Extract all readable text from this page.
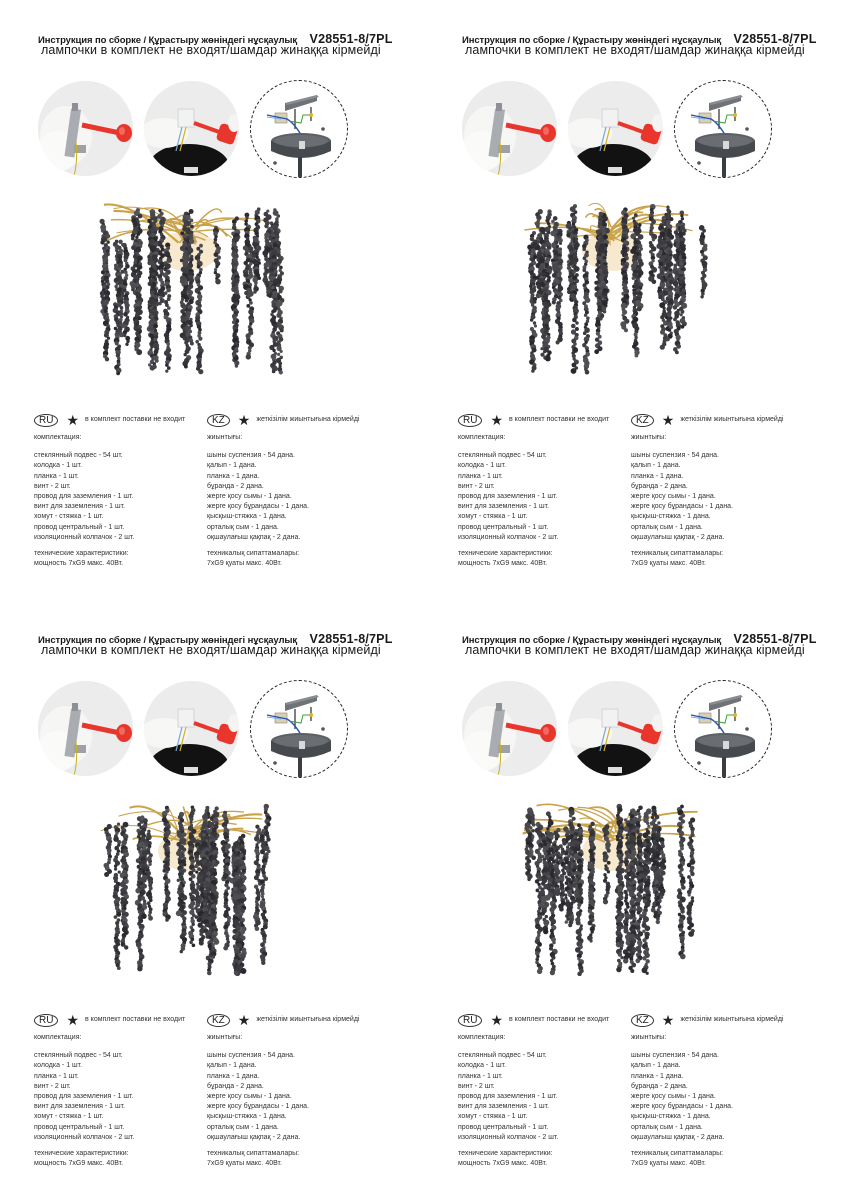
Инструкция по сборке / Құрастыру жөніндегі нұсқаулық V28551-8/7PL
лампочки в комплект не входят/шамдар жинаққа кірмейді
RU ★ в комплект поставки не входит
комплектация:
стеклянный подвес - 54 шт.
колодка - 1 шт.
планка - 1 шт.
винт - 2 шт.
провод для заземления - 1 шт.
винт для заземления - 1 шт.
хомут - стяжка - 1 шт.
провод центральный - 1 шт.
изоляционный колпачок - 2 шт.
технические характеристики:
мощность 7xG9 макс. 40Вт.
KZ ★ жеткізілім жиынтығына кірмейді
жиынтығы:
шыны суспензия - 54 дана.
қалып - 1 дана.
планка - 1 дана.
бұранда - 2 дана.
жерге қосу сымы - 1 дана.
жерге қосу бұрандасы - 1 дана.
қысқыш-стяжка - 1 дана.
орталық сым - 1 дана.
оқшаулағыш қақпақ - 2 дана.
техникалық сипаттамалары:
7xG9 қуаты макс. 40Вт.
Инструкция по сборке / Құрастыру жөніндегі нұсқаулық V28551-8/7PL
лампочки в комплект не входят/шамдар жинаққа кірмейді
RU ★ в комплект поставки не входит
комплектация:
стеклянный подвес - 54 шт.
колодка - 1 шт.
планка - 1 шт.
винт - 2 шт.
провод для заземления - 1 шт.
винт для заземления - 1 шт.
хомут - стяжка - 1 шт.
провод центральный - 1 шт.
изоляционный колпачок - 2 шт.
технические характеристики:
мощность 7xG9 макс. 40Вт.
KZ ★ жеткізілім жиынтығына кірмейді
жиынтығы:
шыны суспензия - 54 дана.
қалып - 1 дана.
планка - 1 дана.
бұранда - 2 дана.
жерге қосу сымы - 1 дана.
жерге қосу бұрандасы - 1 дана.
қысқыш-стяжка - 1 дана.
орталық сым - 1 дана.
оқшаулағыш қақпақ - 2 дана.
техникалық сипаттамалары:
7xG9 қуаты макс. 40Вт.
Инструкция по сборке / Құрастыру жөніндегі нұсқаулық V28551-8/7PL
лампочки в комплект не входят/шамдар жинаққа кірмейді
RU ★ в комплект поставки не входит
комплектация:
стеклянный подвес - 54 шт.
колодка - 1 шт.
планка - 1 шт.
винт - 2 шт.
провод для заземления - 1 шт.
винт для заземления - 1 шт.
хомут - стяжка - 1 шт.
провод центральный - 1 шт.
изоляционный колпачок - 2 шт.
технические характеристики:
мощность 7xG9 макс. 40Вт.
KZ ★ жеткізілім жиынтығына кірмейді
жиынтығы:
шыны суспензия - 54 дана.
қалып - 1 дана.
планка - 1 дана.
бұранда - 2 дана.
жерге қосу сымы - 1 дана.
жерге қосу бұрандасы - 1 дана.
қысқыш-стяжка - 1 дана.
орталық сым - 1 дана.
оқшаулағыш қақпақ - 2 дана.
техникалық сипаттамалары:
7xG9 қуаты макс. 40Вт.
Инструкция по сборке / Құрастыру жөніндегі нұсқаулық V28551-8/7PL
лампочки в комплект не входят/шамдар жинаққа кірмейді
RU ★ в комплект поставки не входит
комплектация:
стеклянный подвес - 54 шт.
колодка - 1 шт.
планка - 1 шт.
винт - 2 шт.
провод для заземления - 1 шт.
винт для заземления - 1 шт.
хомут - стяжка - 1 шт.
провод центральный - 1 шт.
изоляционный колпачок - 2 шт.
технические характеристики:
мощность 7xG9 макс. 40Вт.
KZ ★ жеткізілім жиынтығына кірмейді
жиынтығы:
шыны суспензия - 54 дана.
қалып - 1 дана.
планка - 1 дана.
бұранда - 2 дана.
жерге қосу сымы - 1 дана.
жерге қосу бұрандасы - 1 дана.
қысқыш-стяжка - 1 дана.
орталық сым - 1 дана.
оқшаулағыш қақпақ - 2 дана.
техникалық сипаттамалары:
7xG9 қуаты макс. 40Вт.
